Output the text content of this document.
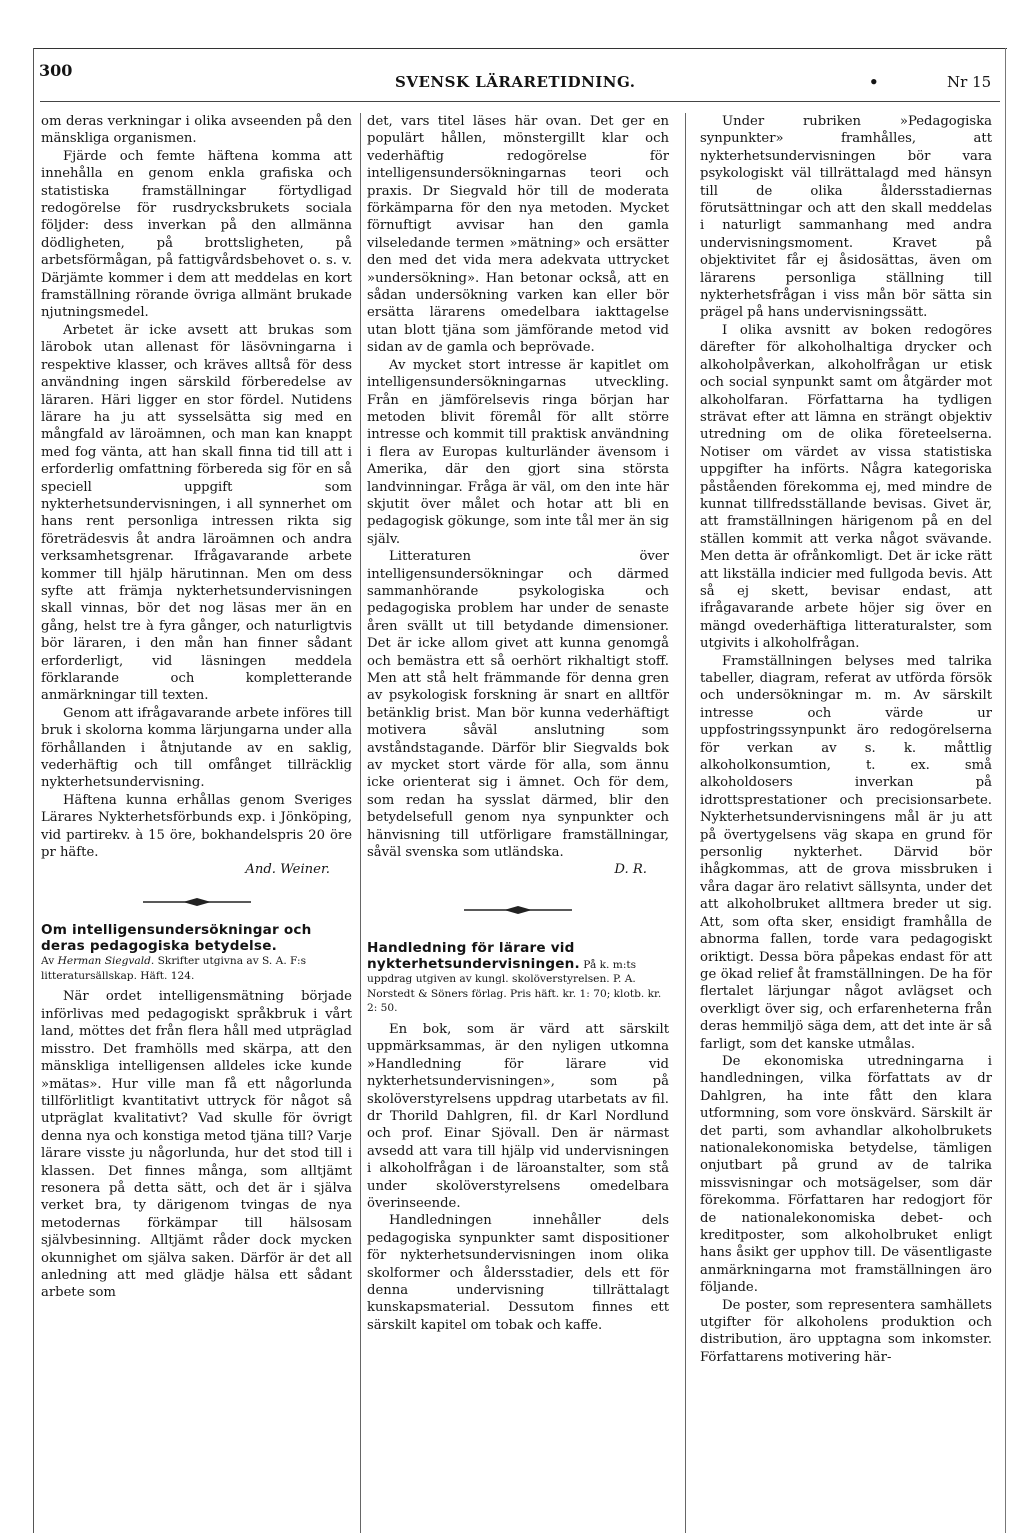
300
SVENSK LÄRARETIDNING.	•	Nr 15

om deras verkningar i olika avseenden på den mänskliga organismen.

Fjärde och femte häftena komma att innehålla en genom enkla grafiska och statistiska framställningar förtydligad redogörelse för rusdrycksbrukets sociala följder: dess inverkan på den allmänna dödligheten, på brottsligheten, på arbetsförmågan, på fattigvårdsbehovet o. s. v. Därjämte kommer i dem att meddelas en kort framställning rörande övriga allmänt brukade njutningsmedel.

Arbetet är icke avsett att brukas som lärobok utan allenast för läsövningarna i respektive klasser, och kräves alltså för dess användning ingen särskild förberedelse av läraren. Häri ligger en stor fördel. Nutidens lärare ha ju att sysselsätta sig med en mångfald av läroämnen, och man kan knappt med fog vänta, att han skall finna tid till att i erforderlig omfattning förbereda sig för en så speciell uppgift som nykterhetsundervisningen, i all synnerhet om hans rent personliga intressen rikta sig företrädesvis åt andra läroämnen och andra verksamhetsgrenar. Ifrågavarande arbete kommer till hjälp härutinnan. Men om dess syfte att främja nykterhetsundervisningen skall vinnas, bör det nog läsas mer än en gång, helst tre à fyra gånger, och naturligtvis bör läraren, i den mån han finner sådant erforderligt, vid läsningen meddela förklarande och kompletterande anmärkningar till texten.

Genom att ifrågavarande arbete införes till bruk i skolorna komma lärjungarna under alla förhållanden i åtnjutande av en saklig, vederhäftig och till omfånget tillräcklig nykterhetsundervisning.

Häftena kunna erhållas genom Sveriges Lärares Nykterhetsförbunds exp. i Jönköping, vid partirekv. à 15 öre, bokhandelspris 20 öre pr häfte.

And. Weiner.

Om intelligensundersökningar och deras pedagogiska betydelse.
Av Herman Siegvald. Skrifter utgivna av S. A. F:s litteratursällskap. Häft. 124.

När ordet intelligensmätning började införlivas med pedagogiskt språkbruk i vårt land, möttes det från flera håll med utpräglad misstro. Det framhölls med skärpa, att den mänskliga intelligensen alldeles icke kunde »mätas». Hur ville man få ett någorlunda tillförlitligt kvantitativt uttryck för något så utpräglat kvalitativt? Vad skulle för övrigt denna nya och konstiga metod tjäna till? Varje lärare visste ju någorlunda, hur det stod till i klassen. Det finnes många, som alltjämt resonera på detta sätt, och det är i själva verket bra, ty därigenom tvingas de nya metodernas förkämpar till hälsosam självbesinning. Alltjämt råder dock mycken okunnighet om själva saken. Därför är det all anledning att med glädje hälsa ett sådant arbete som

det, vars titel läses här ovan. Det ger en populärt hållen, mönstergillt klar och vederhäftig redogörelse för intelligensundersökningarnas teori och praxis. Dr Siegvald hör till de moderata förkämparna för den nya metoden. Mycket förnuftigt avvisar han den gamla vilseledande termen »mätning» och ersätter den med det vida mera adekvata uttrycket »undersökning». Han betonar också, att en sådan undersökning varken kan eller bör ersätta lärarens omedelbara iakttagelse utan blott tjäna som jämförande metod vid sidan av de gamla och beprövade.

Av mycket stort intresse är kapitlet om intelligensundersökningarnas utveckling. Från en jämförelsevis ringa början har metoden blivit föremål för allt större intresse och kommit till praktisk användning i flera av Europas kulturländer ävensom i Amerika, där den gjort sina största landvinningar. Fråga är väl, om den inte här skjutit över målet och hotar att bli en pedagogisk gökunge, som inte tål mer än sig själv.

Litteraturen över intelligensundersökningar och därmed sammanhörande psykologiska och pedagogiska problem har under de senaste åren svällt ut till betydande dimensioner. Det är icke allom givet att kunna genomgå och bemästra ett så oerhört rikhaltigt stoff. Men att stå helt främmande för denna gren av psykologisk forskning är snart en alltför betänklig brist. Man bör kunna vederhäftigt motivera såväl anslutning som avståndstagande. Därför blir Siegvalds bok av mycket stort värde för alla, som ännu icke orienterat sig i ämnet. Och för dem, som redan ha sysslat därmed, blir den betydelsefull genom nya synpunkter och hänvisning till utförligare framställningar, såväl svenska som utländska.

D. R.

Handledning för lärare vid nykterhetsundervisningen. På k. m:ts uppdrag utgiven av kungl. skolöverstyrelsen. P. A. Norstedt & Söners förlag. Pris häft. kr. 1: 70; klotb. kr. 2: 50.

En bok, som är värd att särskilt uppmärksammas, är den nyligen utkomna »Handledning för lärare vid nykterhetsundervisningen», som på skolöverstyrelsens uppdrag utarbetats av fil. dr Thorild Dahlgren, fil. dr Karl Nordlund och prof. Einar Sjövall. Den är närmast avsedd att vara till hjälp vid undervisningen i alkoholfrågan i de läroanstalter, som stå under skolöverstyrelsens omedelbara överinseende.

Handledningen innehåller dels pedagogiska synpunkter samt dispositioner för nykterhetsundervisningen inom olika skolformer och åldersstadier, dels ett för denna undervisning tillrättalagt kunskapsmaterial. Dessutom finnes ett särskilt kapitel om tobak och kaffe.

Under rubriken »Pedagogiska synpunkter» framhålles, att nykterhetsundervisningen bör vara psykologiskt väl tillrättalagd med hänsyn till de olika åldersstadiernas förutsättningar och att den skall meddelas i naturligt sammanhang med andra undervisningsmoment. Kravet på objektivitet får ej åsidosättas, även om lärarens personliga ställning till nykterhetsfrågan i viss mån bör sätta sin prägel på hans undervisningssätt.

I olika avsnitt av boken redogöres därefter för alkoholhaltiga drycker och alkoholpåverkan, alkoholfrågan ur etisk och social synpunkt samt om åtgärder mot alkoholfaran. Författarna ha tydligen strävat efter att lämna en strängt objektiv utredning om de olika företeelserna. Notiser om värdet av vissa statistiska uppgifter ha införts. Några kategoriska påståenden förekomma ej, med mindre de kunnat tillfredsställande bevisas. Givet är, att framställningen härigenom på en del ställen kommit att verka något svävande. Men detta är ofrånkomligt. Det är icke rätt att likställa indicier med fullgoda bevis. Att så ej skett, bevisar endast, att ifrågavarande arbete höjer sig över en mängd ovederhäftiga litteraturalster, som utgivits i alkoholfrågan.

Framställningen belyses med talrika tabeller, diagram, referat av utförda försök och undersökningar m. m. Av särskilt intresse och värde ur uppfostringssynpunkt äro redogörelserna för verkan av s. k. måttlig alkoholkonsumtion, t. ex. små alkoholdosers inverkan på idrottsprestationer och precisionsarbete. Nykterhetsundervisningens mål är ju att på övertygelsens väg skapa en grund för personlig nykterhet. Därvid bör ihågkommas, att de grova missbruken i våra dagar äro relativt sällsynta, under det att alkoholbruket alltmera breder ut sig. Att, som ofta sker, ensidigt framhålla de abnorma fallen, torde vara pedagogiskt oriktigt. Dessa böra påpekas endast för att ge ökad relief åt framställningen. De ha för flertalet lärjungar något avlägset och overkligt över sig, och erfarenheterna från deras hemmiljö säga dem, att det inte är så farligt, som det kanske utmålas.

De ekonomiska utredningarna i handledningen, vilka författats av dr Dahlgren, ha inte fått den klara utformning, som vore önskvärd. Särskilt är det parti, som avhandlar alkoholbrukets nationalekonomiska betydelse, tämligen onjutbart på grund av de talrika missvisningar och motsägelser, som där förekomma. Författaren har redogjort för de nationalekonomiska debet- och kreditposter, som alkoholbruket enligt hans åsikt ger upphov till. De väsentligaste anmärkningarna mot framställningen äro följande.

De poster, som representera samhällets utgifter för alkoholens produktion och distribution, äro upptagna som inkomster. Författarens motivering här-
